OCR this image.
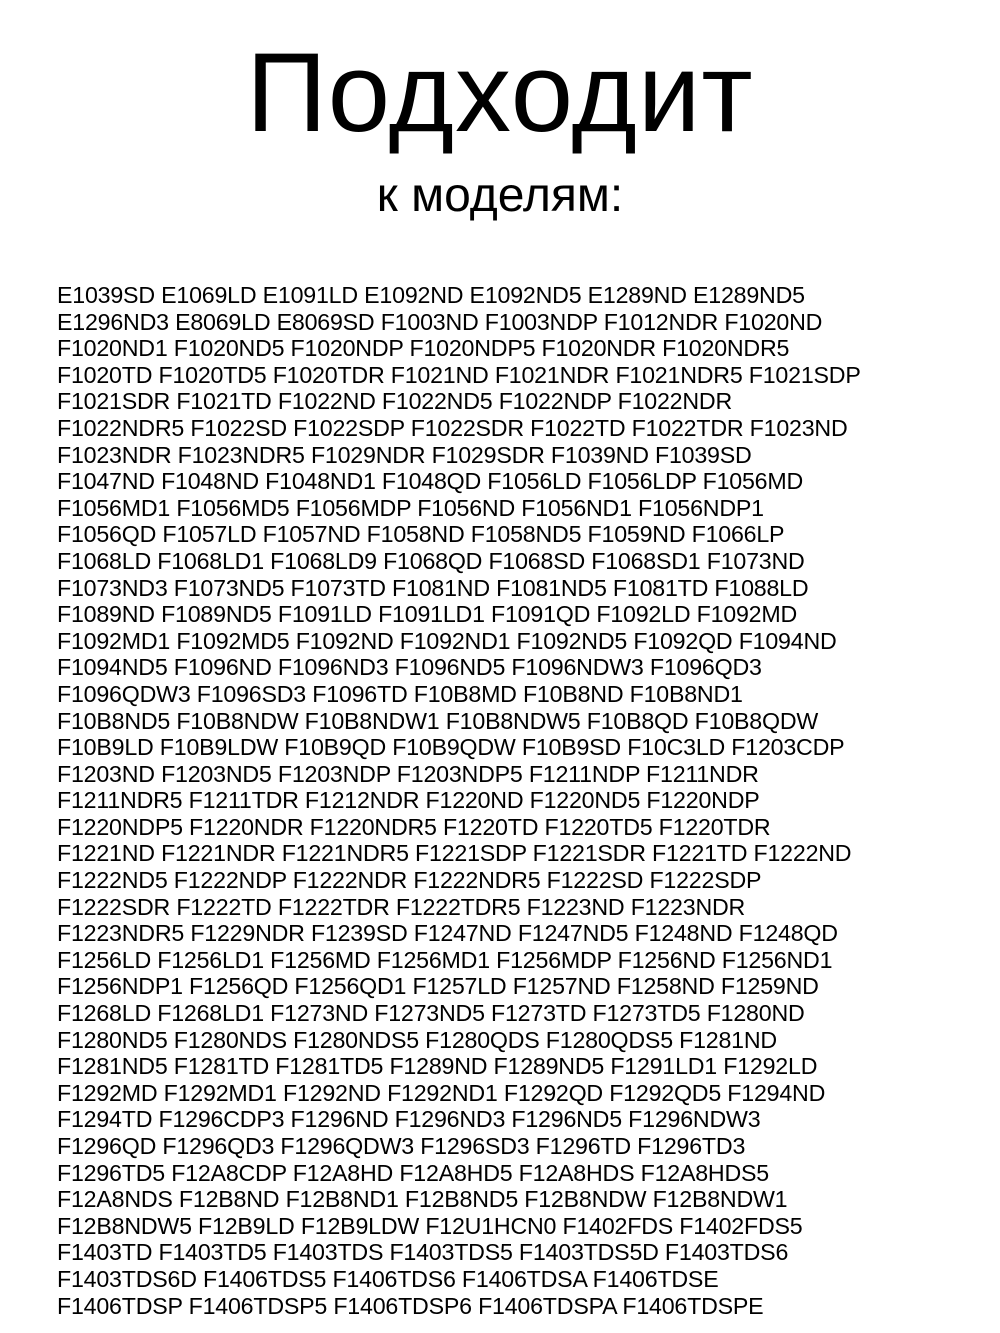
Подходит
к моделям:
E1039SD E1069LD E1091LD E1092ND E1092ND5 E1289ND E1289ND5
E1296ND3 E8069LD E8069SD F1003ND F1003NDP F1012NDR F1020ND
F1020ND1 F1020ND5 F1020NDP F1020NDP5 F1020NDR F1020NDR5
F1020TD F1020TD5 F1020TDR F1021ND F1021NDR F1021NDR5 F1021SDP
F1021SDR F1021TD F1022ND F1022ND5 F1022NDP F1022NDR
F1022NDR5 F1022SD F1022SDP F1022SDR F1022TD F1022TDR F1023ND
F1023NDR F1023NDR5 F1029NDR F1029SDR F1039ND F1039SD
F1047ND F1048ND F1048ND1 F1048QD F1056LD F1056LDP F1056MD
F1056MD1 F1056MD5 F1056MDP F1056ND F1056ND1 F1056NDP1
F1056QD F1057LD F1057ND F1058ND F1058ND5 F1059ND F1066LP
F1068LD F1068LD1 F1068LD9 F1068QD F1068SD F1068SD1 F1073ND
F1073ND3 F1073ND5 F1073TD F1081ND F1081ND5 F1081TD F1088LD
F1089ND F1089ND5 F1091LD F1091LD1 F1091QD F1092LD F1092MD
F1092MD1 F1092MD5 F1092ND F1092ND1 F1092ND5 F1092QD F1094ND
F1094ND5 F1096ND F1096ND3 F1096ND5 F1096NDW3 F1096QD3
F1096QDW3 F1096SD3 F1096TD F10B8MD F10B8ND F10B8ND1
F10B8ND5 F10B8NDW F10B8NDW1 F10B8NDW5 F10B8QD F10B8QDW
F10B9LD F10B9LDW F10B9QD F10B9QDW F10B9SD F10C3LD F1203CDP
F1203ND F1203ND5 F1203NDP F1203NDP5 F1211NDP F1211NDR
F1211NDR5 F1211TDR F1212NDR F1220ND F1220ND5 F1220NDP
F1220NDP5 F1220NDR F1220NDR5 F1220TD F1220TD5 F1220TDR
F1221ND F1221NDR F1221NDR5 F1221SDP F1221SDR F1221TD F1222ND
F1222ND5 F1222NDP F1222NDR F1222NDR5 F1222SD F1222SDP
F1222SDR F1222TD F1222TDR F1222TDR5 F1223ND F1223NDR
F1223NDR5 F1229NDR F1239SD F1247ND F1247ND5 F1248ND F1248QD
F1256LD F1256LD1 F1256MD F1256MD1 F1256MDP F1256ND F1256ND1
F1256NDP1 F1256QD F1256QD1 F1257LD F1257ND F1258ND F1259ND
F1268LD F1268LD1 F1273ND F1273ND5 F1273TD F1273TD5 F1280ND
F1280ND5 F1280NDS F1280NDS5 F1280QDS F1280QDS5 F1281ND
F1281ND5 F1281TD F1281TD5 F1289ND F1289ND5 F1291LD1 F1292LD
F1292MD F1292MD1 F1292ND F1292ND1 F1292QD F1292QD5 F1294ND
F1294TD F1296CDP3 F1296ND F1296ND3 F1296ND5 F1296NDW3
F1296QD F1296QD3 F1296QDW3 F1296SD3 F1296TD F1296TD3
F1296TD5 F12A8CDP F12A8HD F12A8HD5 F12A8HDS F12A8HDS5
F12A8NDS F12B8ND F12B8ND1 F12B8ND5 F12B8NDW F12B8NDW1
F12B8NDW5 F12B9LD F12B9LDW F12U1HCN0 F1402FDS F1402FDS5
F1403TD F1403TD5 F1403TDS F1403TDS5 F1403TDS5D F1403TDS6
F1403TDS6D F1406TDS5 F1406TDS6 F1406TDSA F1406TDSE
F1406TDSP F1406TDSP5 F1406TDSP6 F1406TDSPA F1406TDSPE
